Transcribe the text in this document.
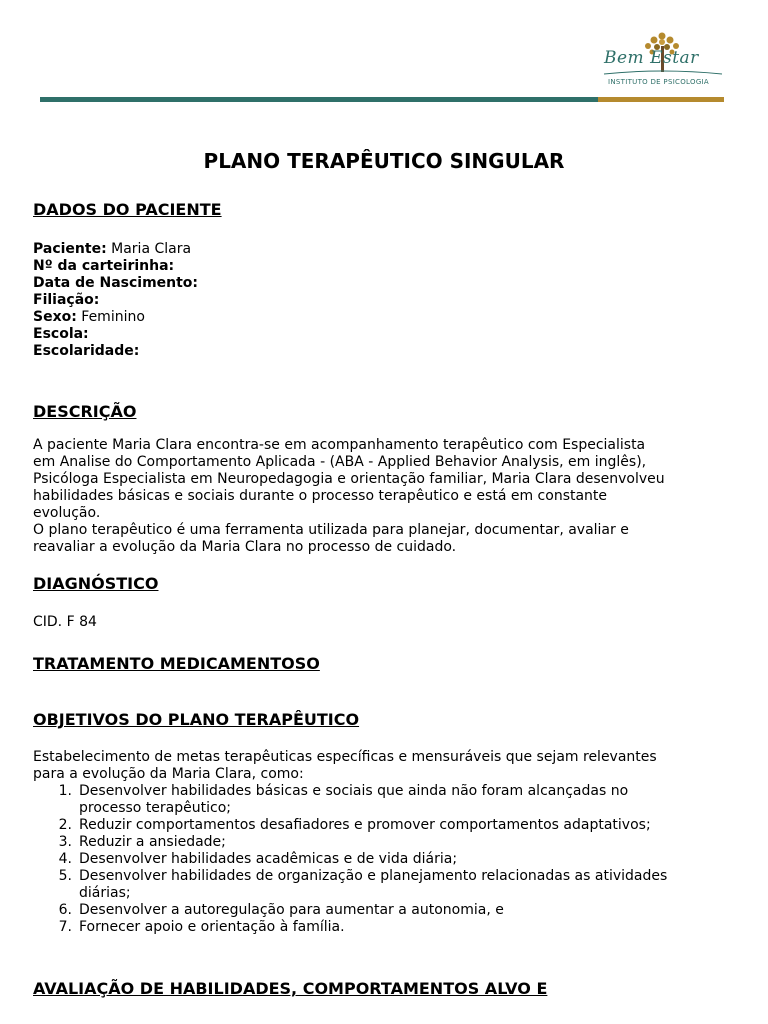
Bem Estar
INSTITUTO DE PSICOLOGIA
PLANO TERAPÊUTICO SINGULAR
DADOS DO PACIENTE
Paciente: Maria Clara
Nº da carteirinha:
Data de Nascimento:
Filiação:
Sexo: Feminino
Escola:
Escolaridade:
DESCRIÇÃO
A paciente Maria Clara encontra-se em acompanhamento terapêutico com Especialista
em Analise do Comportamento Aplicada - (ABA - Applied Behavior Analysis, em inglês),
Psicóloga Especialista em Neuropedagogia e orientação familiar, Maria Clara desenvolveu
habilidades básicas e sociais durante o processo terapêutico e está em constante
evolução.
O plano terapêutico é uma ferramenta utilizada para planejar, documentar, avaliar e
reavaliar a evolução da Maria Clara no processo de cuidado.
DIAGNÓSTICO
CID. F 84
TRATAMENTO MEDICAMENTOSO
OBJETIVOS DO PLANO TERAPÊUTICO
Estabelecimento de metas terapêuticas específicas e mensuráveis que sejam relevantes
para a evolução da Maria Clara, como:
1. Desenvolver habilidades básicas e sociais que ainda não foram alcançadas no
processo terapêutico;
2. Reduzir comportamentos desafiadores e promover comportamentos adaptativos;
3. Reduzir a ansiedade;
4. Desenvolver habilidades acadêmicas e de vida diária;
5. Desenvolver habilidades de organização e planejamento relacionadas as atividades
diárias;
6. Desenvolver a autoregulação para aumentar a autonomia, e
7. Fornecer apoio e orientação à família.
AVALIAÇÃO DE HABILIDADES, COMPORTAMENTOS ALVO E
